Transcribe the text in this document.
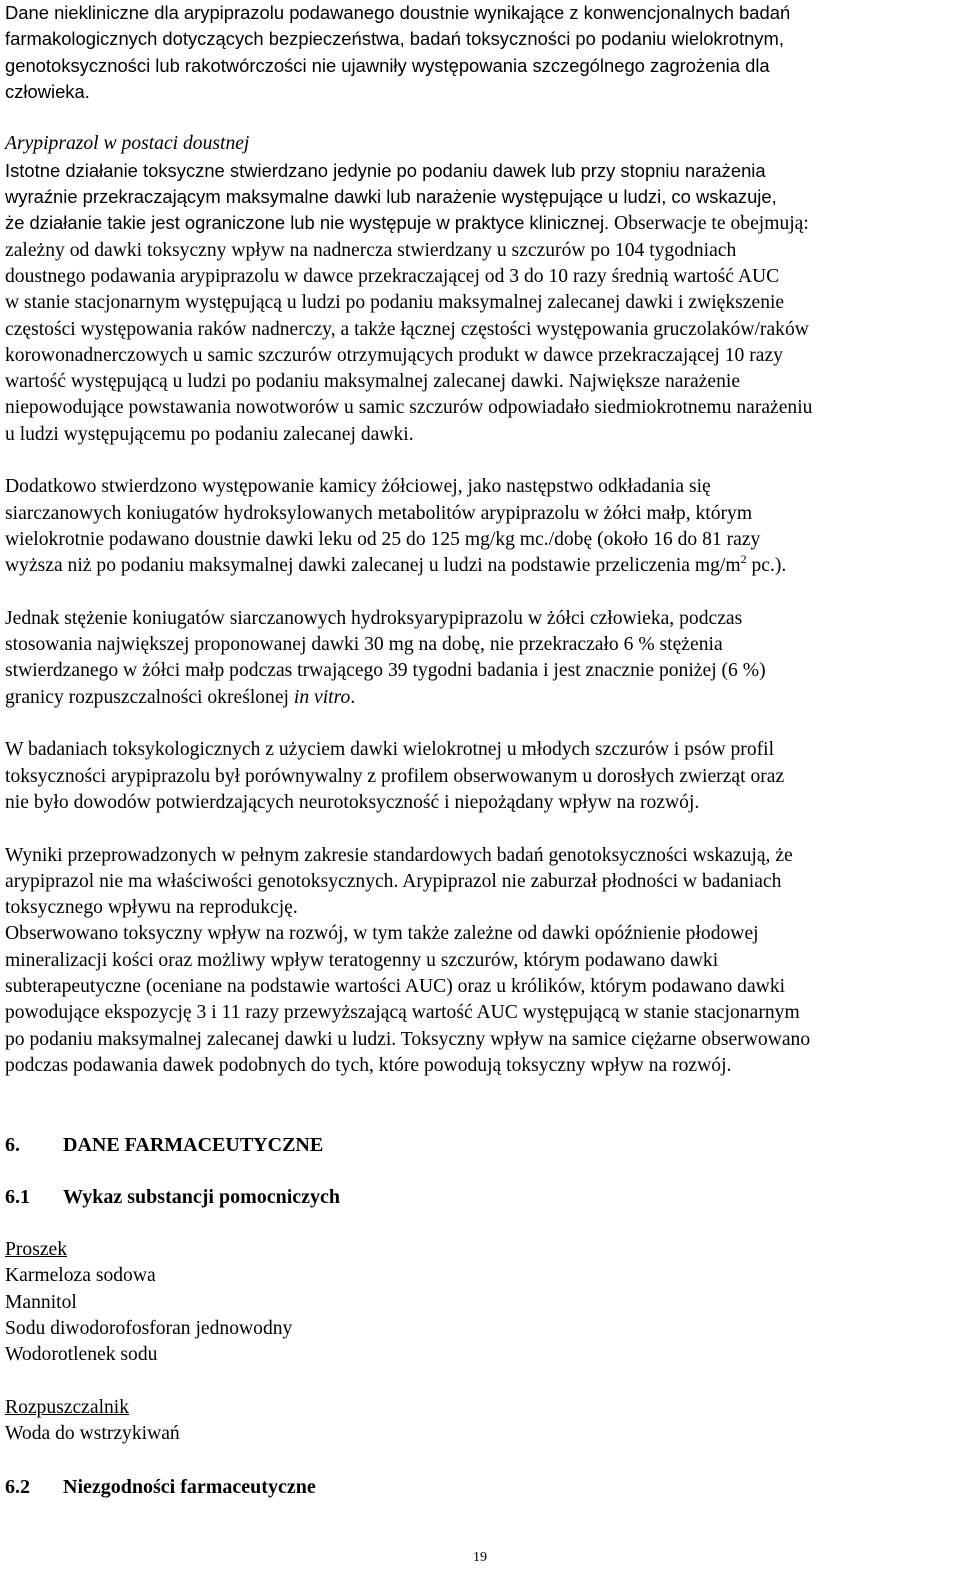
Dane niekliniczne dla arypiprazolu podawanego doustnie wynikające z konwencjonalnych badań
farmakologicznych dotyczących bezpieczeństwa, badań toksyczności po podaniu wielokrotnym,
genotoksyczności lub rakotwórczości nie ujawniły występowania szczególnego zagrożenia dla
człowieka.

Arypiprazol w postaci doustnej
Istotne działanie toksyczne stwierdzano jedynie po podaniu dawek lub przy stopniu narażenia
wyraźnie przekraczającym maksymalne dawki lub narażenie występujące u ludzi, co wskazuje,
że działanie takie jest ograniczone lub nie występuje w praktyce klinicznej. Obserwacje te obejmują:
zależny od dawki toksyczny wpływ na nadnercza stwierdzany u szczurów po 104 tygodniach
doustnego podawania arypiprazolu w dawce przekraczającej od 3 do 10 razy średnią wartość AUC
w stanie stacjonarnym występującą u ludzi po podaniu maksymalnej zalecanej dawki i zwiększenie
częstości występowania raków nadnerczy, a także łącznej częstości występowania gruczolaków/raków
korowonadnerczowych u samic szczurów otrzymujących produkt w dawce przekraczającej 10 razy
wartość występującą u ludzi po podaniu maksymalnej zalecanej dawki. Największe narażenie
niepowodujące powstawania nowotworów u samic szczurów odpowiadało siedmiokrotnemu narażeniu
u ludzi występującemu po podaniu zalecanej dawki.

Dodatkowo stwierdzono występowanie kamicy żółciowej, jako następstwo odkładania się
siarczanowych koniugatów hydroksylowanych metabolitów arypiprazolu w żółci małp, którym
wielokrotnie podawano doustnie dawki leku od 25 do 125 mg/kg mc./dobę (około 16 do 81 razy
wyższa niż po podaniu maksymalnej dawki zalecanej u ludzi na podstawie przeliczenia $mg/m^2$ pc.).

Jednak stężenie koniugatów siarczanowych hydroksyarypiprazolu w żółci człowieka, podczas
stosowania największej proponowanej dawki 30 mg na dobę, nie przekraczało 6 % stężenia
stwierdzanego w żółci małp podczas trwającego 39 tygodni badania i jest znacznie poniżej (6 %)
granicy rozpuszczalności określonej in vitro.

W badaniach toksykologicznych z użyciem dawki wielokrotnej u młodych szczurów i psów profil
toksyczności arypiprazolu był porównywalny z profilem obserwowanym u dorosłych zwierząt oraz
nie było dowodów potwierdzających neurotoksyczność i niepożądany wpływ na rozwój.

Wyniki przeprowadzonych w pełnym zakresie standardowych badań genotoksyczności wskazują, że
arypiprazol nie ma właściwości genotoksycznych. Arypiprazol nie zaburzał płodności w badaniach
toksycznego wpływu na reprodukcję.
Obserwowano toksyczny wpływ na rozwój, w tym także zależne od dawki opóźnienie płodowej
mineralizacji kości oraz możliwy wpływ teratogenny u szczurów, którym podawano dawki
subterapeutyczne (oceniane na podstawie wartości AUC) oraz u królików, którym podawano dawki
powodujące ekspozycję 3 i 11 razy przewyższającą wartość AUC występującą w stanie stacjonarnym
po podaniu maksymalnej zalecanej dawki u ludzi. Toksyczny wpływ na samice ciężarne obserwowano
podczas podawania dawek podobnych do tych, które powodują toksyczny wpływ na rozwój.

6. DANE FARMACEUTYCZNE
6.1 Wykaz substancji pomocniczych
Proszek
Karmeloza sodowa
Mannitol
Sodu diwodorofosforan jednowodny
Wodorotlenek sodu
Rozpuszczalnik
Woda do wstrzykiwań
6.2 Niezgodności farmaceutyczne
19
